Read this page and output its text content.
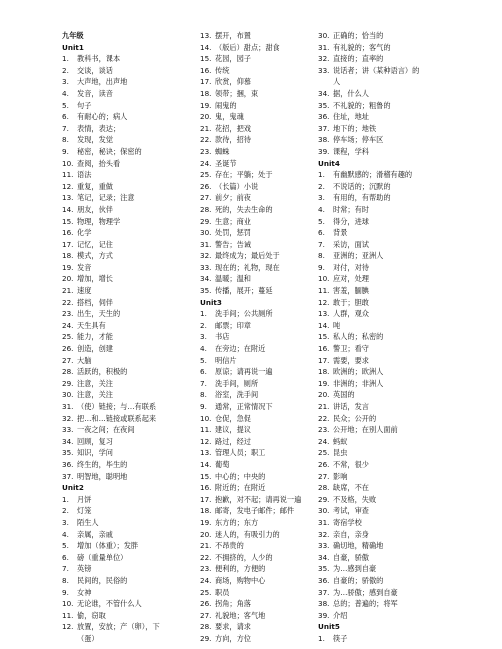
九年级
Unit1
1.	教科书，课本
2.	交谈，谈话
3.	大声地，出声地
4.	发音，读音
5.	句子
6.	有耐心的；病人
7.	表情，表达；
8.	发现，发觉
9.	秘密，秘诀；保密的
10. 查阅，抬头看
11. 语法
12. 重复，重做
13. 笔记，记录；注意
14. 朋友，伙伴
15. 物理，物理学
16. 化学
17. 记忆，记住
18. 模式，方式
19. 发音
20. 增加，增长
21. 速度
22. 搭档，伺伴
23. 出生，天生的
24. 天生具有
25. 能力，才能
26. 创造，创建
27. 大脑
28. 活跃的，积极的
29. 注意，关注
30. 注意，关注
31. （使）链接；与…有联系
32. 把…和…链接或联系起来
33. 一夜之间；在夜间
34. 回顾，复习
35. 知识，学问
36. 终生的，毕生的
37. 明智地，聪明地
Unit2
1.	月饼
2.	灯笼
3.	陌生人
4.	亲属，亲戚
5.	增加（体重）；发胖
6.	磅（重量单位）
7.	英镑
8.	民间的，民俗的
9.	女神
10. 无论谁，不管什么人
11. 偷，窃取
12. 放置，安放；产（卵），下
（蛋）
13. 摆开，布置
14. （版后）甜点；甜食
15. 花园，园子
16. 传统
17. 欣赏，仰慕
18. 领带；捆，束
19. 闹鬼的
20. 鬼，鬼魂
21. 花招，把戏
22. 款待，招待
23. 蜘蛛
24. 圣诞节
25. 存在；平躺；处于
26. （长篇）小说
27. 前夕；前夜
28. 死的，失去生命的
29. 生意；商业
30. 处罚，惩罚
31. 警告；告诫
32. 最终成为；最后处于
33. 现在的；礼物，现在
34. 温暖；温和
35. 传播，展开；蔓延
Unit3
1.	洗手间；公共厕所
2.	邮票；印章
3.	书店
4.	在旁边；在附近
5.	明信片
6.	原谅；请再说一遍
7.	洗手间，厕所
8.	浴室，洗手间
9.	通常，正常情况下
10. 仓促，急促
11. 建议，提议
12. 路过，经过
13. 管理人员；职工
14. 葡萄
15. 中心的；中央的
16. 附近的；在附近
17. 抱歉，对不起；请再说一遍
18. 邮寄，发电子邮件；邮件
19. 东方的；东方
20. 迷人的，有吸引力的
21. 不昂贵的
22. 不拥挤的，人少的
23. 便利的，方便的
24. 商场，购物中心
25. 职员
26. 拐角；角落
27. 礼貌地；客气地
28. 要求，请求
29. 方向，方位
30. 正确的；恰当的
31. 有礼貌的；客气的
32. 直接的；直率的
33. 说话者；讲（某种语言）的
人
34. 据，什么人
35. 不礼貌的；粗鲁的
36. 住址，地址
37. 地下的；地铁
38. 停车场；停车区
39. 课程，学科
Unit4
1.	有幽默感的；滑稽有趣的
2.	不说话的；沉默的
3.	有用的，有帮助的
4.	时常；有时
5.	得分，进球
6.	背景
7.	采访，面试
8.	亚洲的；亚洲人
9.	对付，对待
10. 应对，处理
11. 害羞，腼腆
12. 敢于；胆敢
13. 人群，观众
14. 吨
15. 私人的；私密的
16. 警卫；看守
17. 需要，要求
18. 欧洲的；欧洲人
19. 非洲的；非洲人
20. 英国的
21. 讲话，发言
22. 民众；公开的
23. 公开地；在别人面前
24. 蚂蚁
25. 昆虫
26. 不常，很少
27. 影响
28. 缺席，不在
29. 不及格，失败
30. 考试，审查
31. 寄宿学校
32. 亲自，亲身
33. 确切地，精确地
34. 自豪，骄傲
35. 为…感到自豪
36. 自豪的；骄傲的
37. 为…骄傲；感到自豪
38. 总的；普遍的；将军
39. 介绍
Unit5
1.	筷子
